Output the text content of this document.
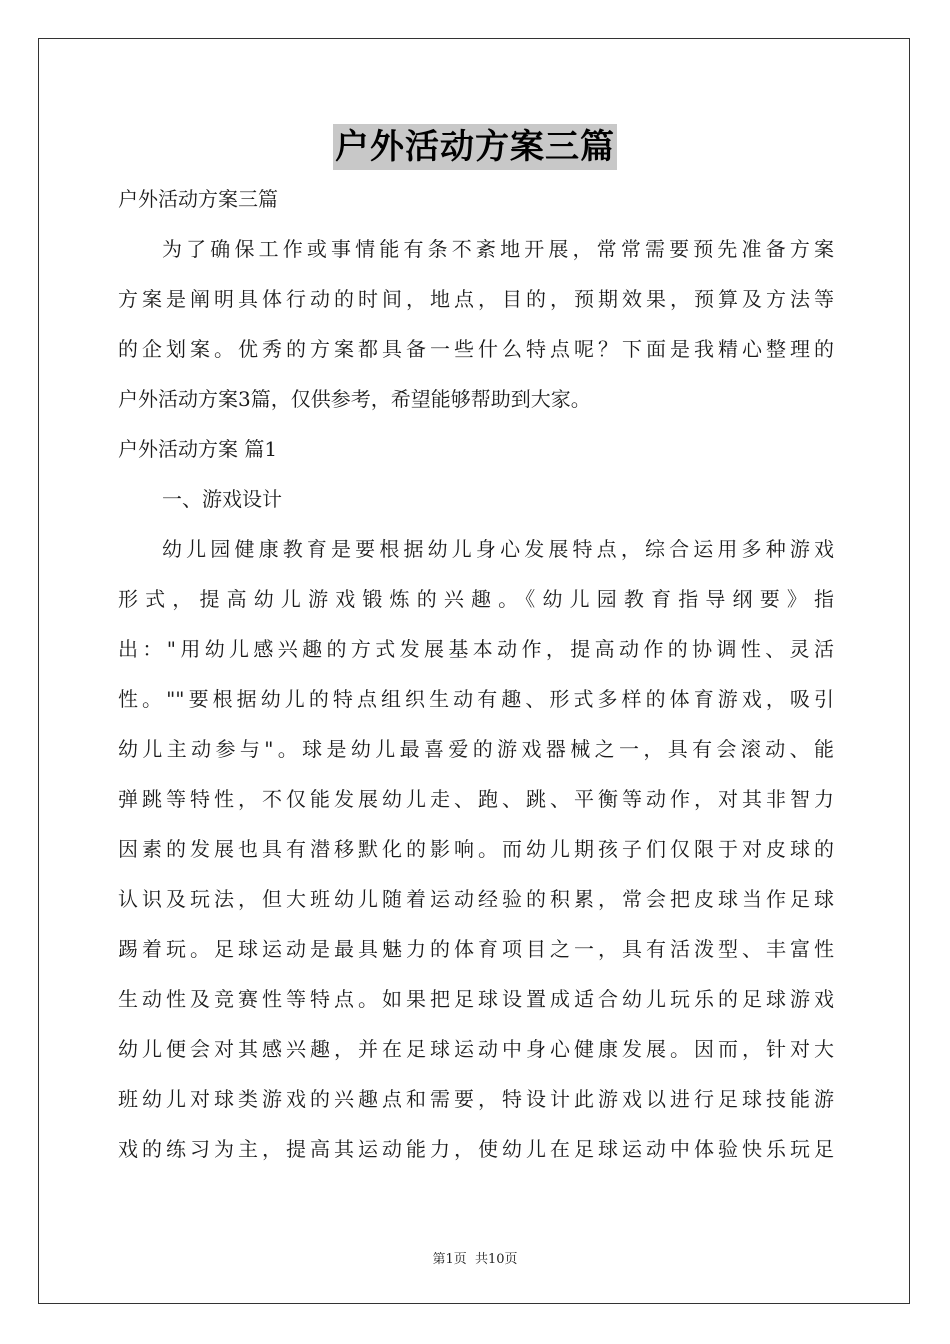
户外活动方案三篇
户外活动方案三篇
为了确保工作或事情能有条不紊地开展，常常需要预先准备方案
方案是阐明具体行动的时间，地点，目的，预期效果，预算及方法等
的企划案。优秀的方案都具备一些什么特点呢？下面是我精心整理的
户外活动方案3篇，仅供参考，希望能够帮助到大家。
户外活动方案 篇1
一、游戏设计
幼儿园健康教育是要根据幼儿身心发展特点，综合运用多种游戏
形式，提高幼儿游戏锻炼的兴趣。《幼儿园教育指导纲要》指
出："用幼儿感兴趣的方式发展基本动作，提高动作的协调性、灵活
性。""要根据幼儿的特点组织生动有趣、形式多样的体育游戏，吸引
幼儿主动参与"。球是幼儿最喜爱的游戏器械之一，具有会滚动、能
弹跳等特性，不仅能发展幼儿走、跑、跳、平衡等动作，对其非智力
因素的发展也具有潜移默化的影响。而幼儿期孩子们仅限于对皮球的
认识及玩法，但大班幼儿随着运动经验的积累，常会把皮球当作足球
踢着玩。足球运动是最具魅力的体育项目之一，具有活泼型、丰富性
生动性及竞赛性等特点。如果把足球设置成适合幼儿玩乐的足球游戏
幼儿便会对其感兴趣，并在足球运动中身心健康发展。因而，针对大
班幼儿对球类游戏的兴趣点和需要，特设计此游戏以进行足球技能游
戏的练习为主，提高其运动能力，使幼儿在足球运动中体验快乐玩足
第1页 共10页
